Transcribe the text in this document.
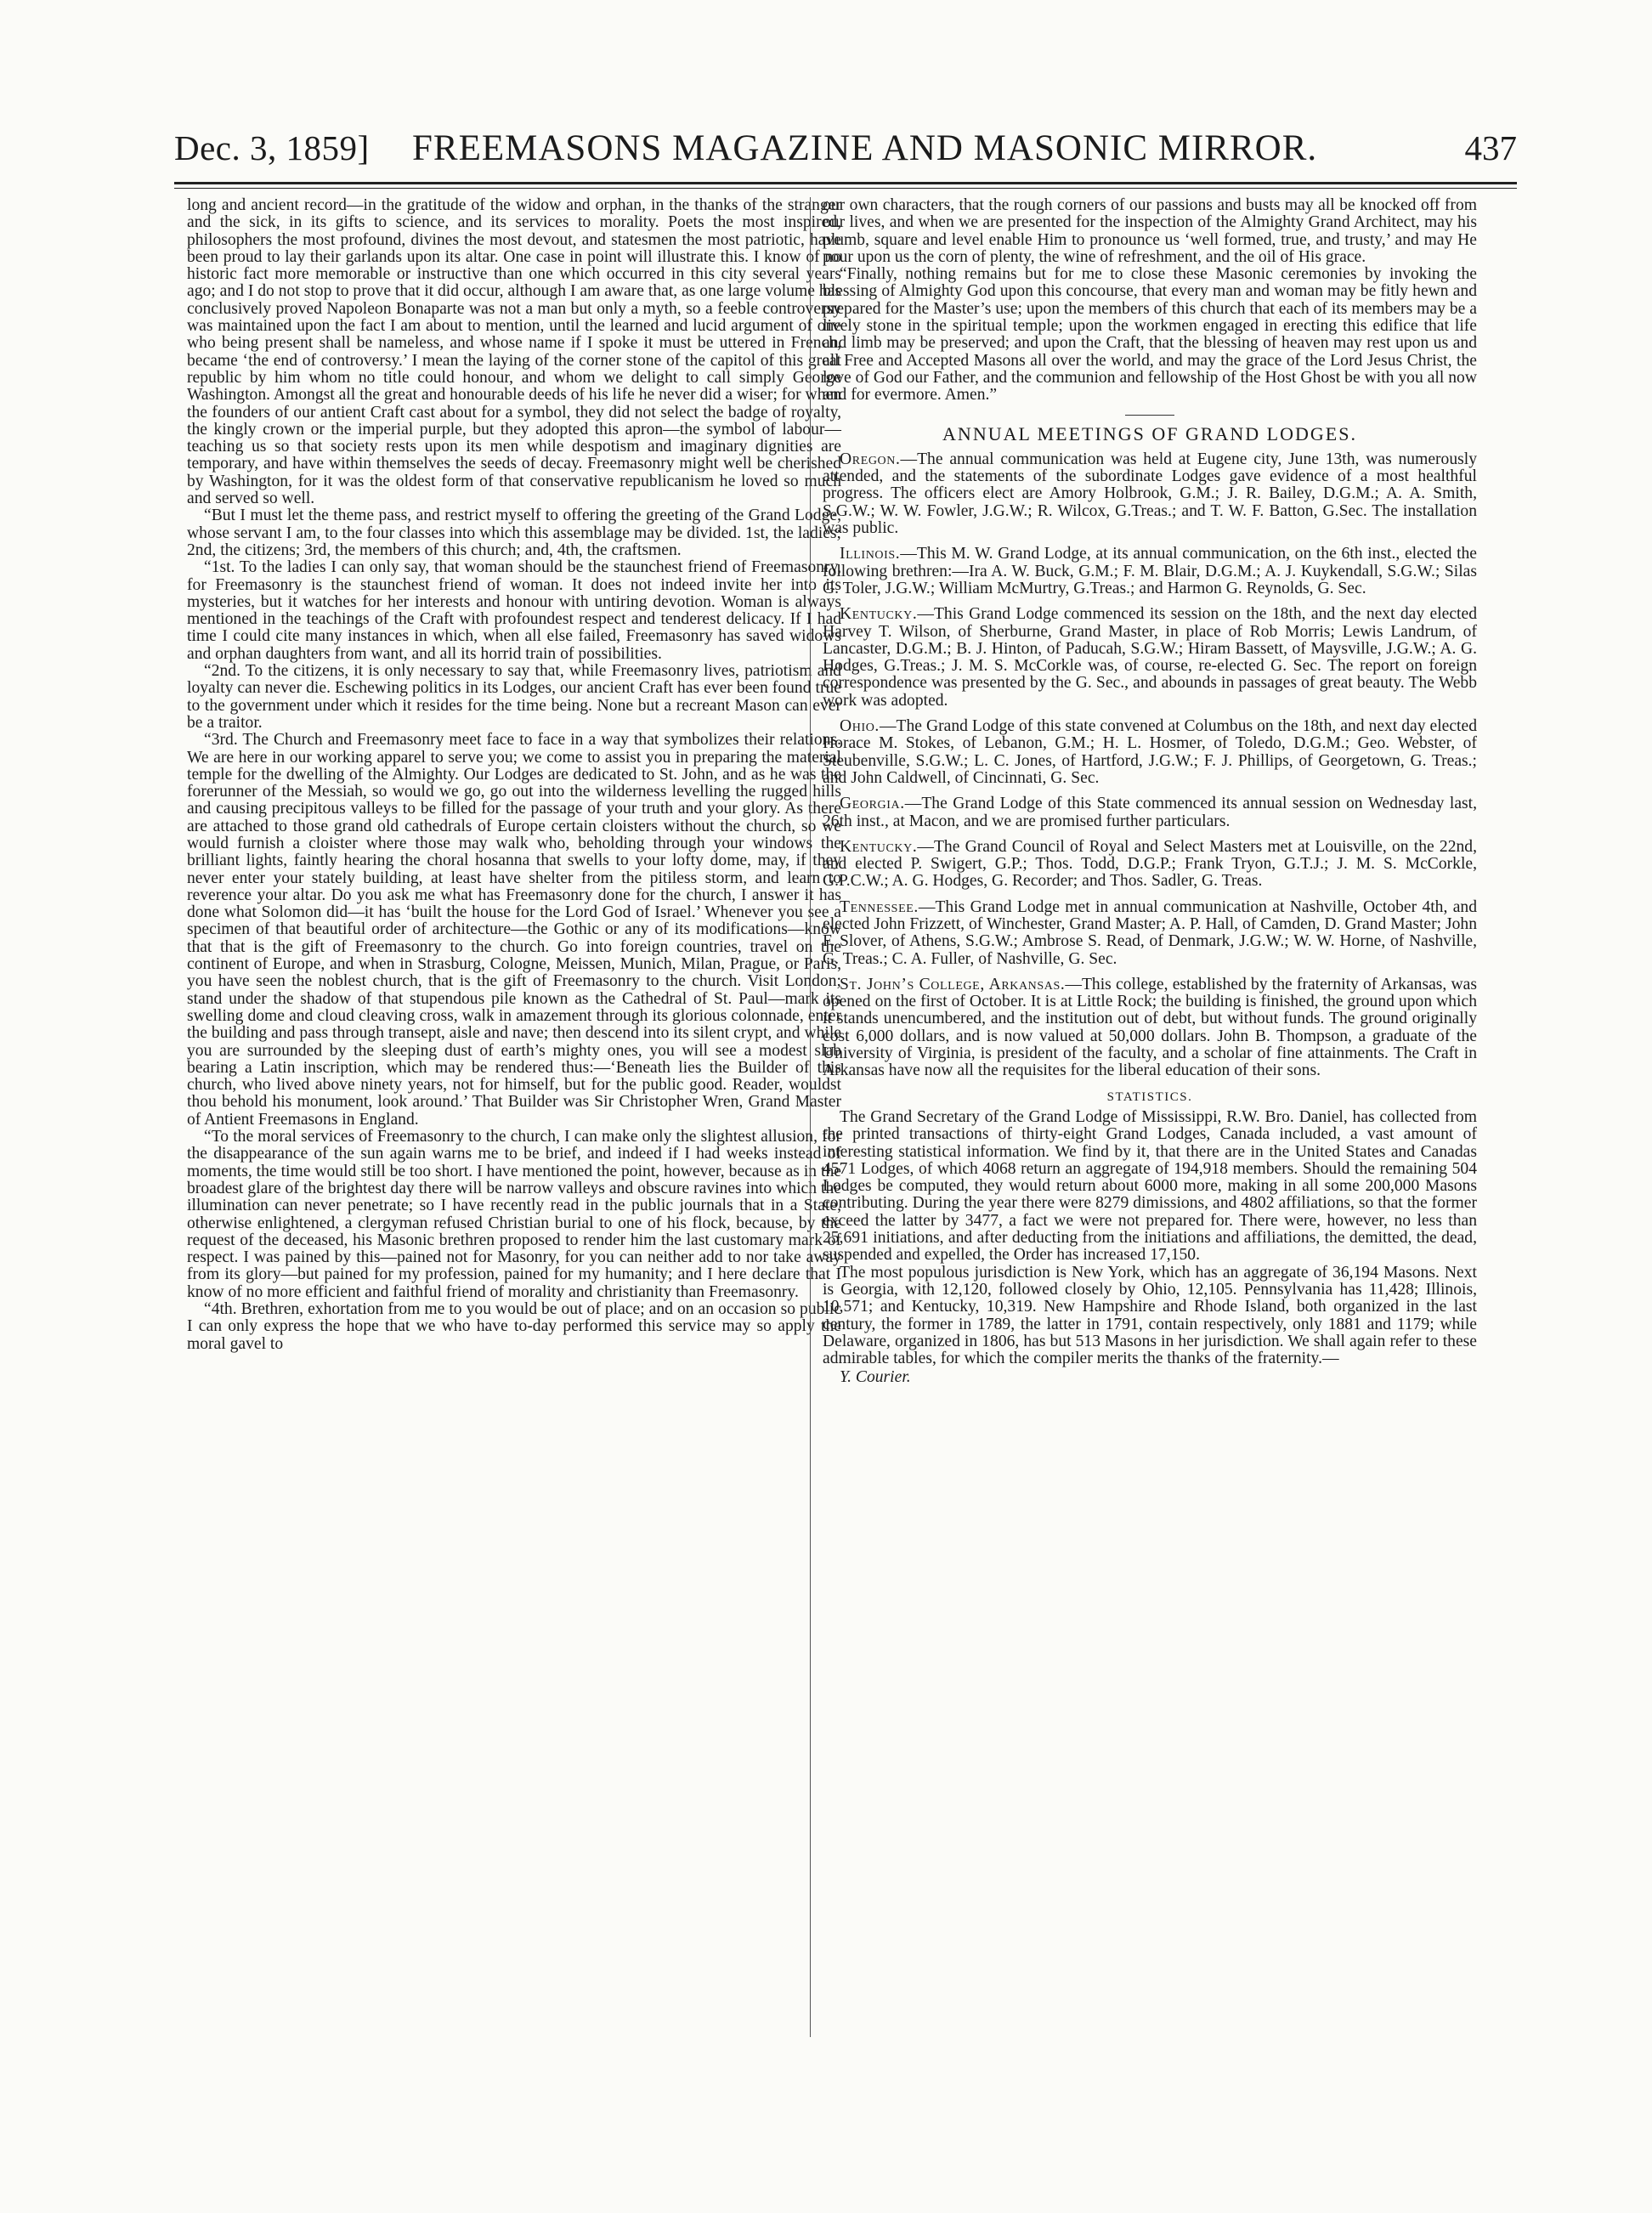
Dec. 3, 1859] FREEMASONS MAGAZINE AND MASONIC MIRROR.	437

long and ancient record—in the gratitude of the widow and orphan, in the thanks of the stranger and the sick, in its gifts to science, and its services to morality. Poets the most inspired, philosophers the most profound, divines the most devout, and statesmen the most patriotic, have been proud to lay their garlands upon its altar. One case in point will illustrate this. I know of no historic fact more memorable or instructive than one which occurred in this city several years ago; and I do not stop to prove that it did occur, although I am aware that, as one large volume has conclusively proved Napoleon Bonaparte was not a man but only a myth, so a feeble controversy was maintained upon the fact I am about to mention, until the learned and lucid argument of one who being present shall be nameless, and whose name if I spoke it must be uttered in French, became ‘the end of controversy.’ I mean the laying of the corner stone of the capitol of this great republic by him whom no title could honour, and whom we delight to call simply George Washington. Amongst all the great and honourable deeds of his life he never did a wiser; for when the founders of our antient Craft cast about for a symbol, they did not select the badge of royalty, the kingly crown or the imperial purple, but they adopted this apron—the symbol of labour—teaching us so that society rests upon its men while despotism and imaginary dignities are temporary, and have within themselves the seeds of decay. Freemasonry might well be cherished by Washington, for it was the oldest form of that conservative republicanism he loved so much and served so well.

“But I must let the theme pass, and restrict myself to offering the greeting of the Grand Lodge, whose servant I am, to the four classes into which this assemblage may be divided. 1st, the ladies; 2nd, the citizens; 3rd, the members of this church; and, 4th, the craftsmen.

“1st. To the ladies I can only say, that woman should be the staunchest friend of Freemasonry, for Freemasonry is the staunchest friend of woman. It does not indeed invite her into its mysteries, but it watches for her interests and honour with untiring devotion. Woman is always mentioned in the teachings of the Craft with profoundest respect and tenderest delicacy. If I had time I could cite many instances in which, when all else failed, Freemasonry has saved widows and orphan daughters from want, and all its horrid train of possibilities.

“2nd. To the citizens, it is only necessary to say that, while Freemasonry lives, patriotism and loyalty can never die. Eschewing politics in its Lodges, our ancient Craft has ever been found true to the government under which it resides for the time being. None but a recreant Mason can ever be a traitor.

“3rd. The Church and Freemasonry meet face to face in a way that symbolizes their relations. We are here in our working apparel to serve you; we come to assist you in preparing the material temple for the dwelling of the Almighty. Our Lodges are dedicated to St. John, and as he was the forerunner of the Messiah, so would we go, go out into the wilderness levelling the rugged hills and causing precipitous valleys to be filled for the passage of your truth and your glory. As there are attached to those grand old cathedrals of Europe certain cloisters without the church, so we would furnish a cloister where those may walk who, beholding through your windows the brilliant lights, faintly hearing the choral hosanna that swells to your lofty dome, may, if they never enter your stately building, at least have shelter from the pitiless storm, and learn to reverence your altar. Do you ask me what has Freemasonry done for the church, I answer it has done what Solomon did—it has ‘built the house for the Lord God of Israel.’ Whenever you see a specimen of that beautiful order of architecture—the Gothic or any of its modifications—know that that is the gift of Freemasonry to the church. Go into foreign countries, travel on the continent of Europe, and when in Strasburg, Cologne, Meissen, Munich, Milan, Prague, or Paris, you have seen the noblest church, that is the gift of Freemasonry to the church. Visit London; stand under the shadow of that stupendous pile known as the Cathedral of St. Paul—mark its swelling dome and cloud cleaving cross, walk in amazement through its glorious colonnade, enter the building and pass through transept, aisle and nave; then descend into its silent crypt, and while you are surrounded by the sleeping dust of earth’s mighty ones, you will see a modest slab bearing a Latin inscription, which may be rendered thus:—‘Beneath lies the Builder of this church, who lived above ninety years, not for himself, but for the public good. Reader, wouldst thou behold his monument, look around.’ That Builder was Sir Christopher Wren, Grand Master of Antient Freemasons in England.

“To the moral services of Freemasonry to the church, I can make only the slightest allusion, for the disappearance of the sun again warns me to be brief, and indeed if I had weeks instead of moments, the time would still be too short. I have mentioned the point, however, because as in the broadest glare of the brightest day there will be narrow valleys and obscure ravines into which the illumination can never penetrate; so I have recently read in the public journals that in a State, otherwise enlightened, a clergyman refused Christian burial to one of his flock, because, by the request of the deceased, his Masonic brethren proposed to render him the last customary mark of respect. I was pained by this—pained not for Masonry, for you can neither add to nor take away from its glory—but pained for my profession, pained for my humanity; and I here declare that I know of no more efficient and faithful friend of morality and christianity than Freemasonry.

“4th. Brethren, exhortation from me to you would be out of place; and on an occasion so public I can only express the hope that we who have to-day performed this service may so apply the moral gavel to

our own characters, that the rough corners of our passions and busts may all be knocked off from our lives, and when we are presented for the inspection of the Almighty Grand Architect, may his plumb, square and level enable Him to pronounce us ‘well formed, true, and trusty,’ and may He pour upon us the corn of plenty, the wine of refreshment, and the oil of His grace.

“Finally, nothing remains but for me to close these Masonic ceremonies by invoking the blessing of Almighty God upon this concourse, that every man and woman may be fitly hewn and prepared for the Master’s use; upon the members of this church that each of its members may be a lively stone in the spiritual temple; upon the workmen engaged in erecting this edifice that life and limb may be preserved; and upon the Craft, that the blessing of heaven may rest upon us and all Free and Accepted Masons all over the world, and may the grace of the Lord Jesus Christ, the love of God our Father, and the communion and fellowship of the Host Ghost be with you all now and for evermore. Amen.”

ANNUAL MEETINGS OF GRAND LODGES.

Oregon.—The annual communication was held at Eugene city, June 13th, was numerously attended, and the statements of the subordinate Lodges gave evidence of a most healthful progress. The officers elect are Amory Holbrook, G.M.; J. R. Bailey, D.G.M.; A. A. Smith, S.G.W.; W. W. Fowler, J.G.W.; R. Wilcox, G.Treas.; and T. W. F. Batton, G.Sec. The installation was public.

Illinois.—This M. W. Grand Lodge, at its annual communication, on the 6th inst., elected the following brethren:—Ira A. W. Buck, G.M.; F. M. Blair, D.G.M.; A. J. Kuykendall, S.G.W.; Silas G. Toler, J.G.W.; William McMurtry, G.Treas.; and Harmon G. Reynolds, G. Sec.

Kentucky.—This Grand Lodge commenced its session on the 18th, and the next day elected Harvey T. Wilson, of Sherburne, Grand Master, in place of Rob Morris; Lewis Landrum, of Lancaster, D.G.M.; B. J. Hinton, of Paducah, S.G.W.; Hiram Bassett, of Maysville, J.G.W.; A. G. Hodges, G.Treas.; J. M. S. McCorkle was, of course, re-elected G. Sec. The report on foreign correspondence was presented by the G. Sec., and abounds in passages of great beauty. The Webb work was adopted.

Ohio.—The Grand Lodge of this state convened at Columbus on the 18th, and next day elected Horace M. Stokes, of Lebanon, G.M.; H. L. Hosmer, of Toledo, D.G.M.; Geo. Webster, of Steubenville, S.G.W.; L. C. Jones, of Hartford, J.G.W.; F. J. Phillips, of Georgetown, G. Treas.; and John Caldwell, of Cincinnati, G. Sec.

Georgia.—The Grand Lodge of this State commenced its annual session on Wednesday last, 26th inst., at Macon, and we are promised further particulars.

Kentucky.—The Grand Council of Royal and Select Masters met at Louisville, on the 22nd, and elected P. Swigert, G.P.; Thos. Todd, D.G.P.; Frank Tryon, G.T.J.; J. M. S. McCorkle, G.P.C.W.; A. G. Hodges, G. Recorder; and Thos. Sadler, G. Treas.

Tennessee.—This Grand Lodge met in annual communication at Nashville, October 4th, and elected John Frizzett, of Winchester, Grand Master; A. P. Hall, of Camden, D. Grand Master; John F. Slover, of Athens, S.G.W.; Ambrose S. Read, of Denmark, J.G.W.; W. W. Horne, of Nashville, G. Treas.; C. A. Fuller, of Nashville, G. Sec.

St. John’s College, Arkansas.—This college, established by the fraternity of Arkansas, was opened on the first of October. It is at Little Rock; the building is finished, the ground upon which it stands unencumbered, and the institution out of debt, but without funds. The ground originally cost 6,000 dollars, and is now valued at 50,000 dollars. John B. Thompson, a graduate of the University of Virginia, is president of the faculty, and a scholar of fine attainments. The Craft in Arkansas have now all the requisites for the liberal education of their sons.

STATISTICS.

The Grand Secretary of the Grand Lodge of Mississippi, R.W. Bro. Daniel, has collected from the printed transactions of thirty-eight Grand Lodges, Canada included, a vast amount of interesting statistical information. We find by it, that there are in the United States and Canadas 4571 Lodges, of which 4068 return an aggregate of 194,918 members. Should the remaining 504 Lodges be computed, they would return about 6000 more, making in all some 200,000 Masons contributing. During the year there were 8279 dimissions, and 4802 affiliations, so that the former exceed the latter by 3477, a fact we were not prepared for. There were, however, no less than 25,691 initiations, and after deducting from the initiations and affiliations, the demitted, the dead, suspended and expelled, the Order has increased 17,150.

The most populous jurisdiction is New York, which has an aggregate of 36,194 Masons. Next is Georgia, with 12,120, followed closely by Ohio, 12,105. Pennsylvania has 11,428; Illinois, 10,571; and Kentucky, 10,319. New Hampshire and Rhode Island, both organized in the last century, the former in 1789, the latter in 1791, contain respectively, only 1881 and 1179; while Delaware, organized in 1806, has but 513 Masons in her jurisdiction. We shall again refer to these admirable tables, for which the compiler merits the thanks of the fraternity.—

Y. Courier.
